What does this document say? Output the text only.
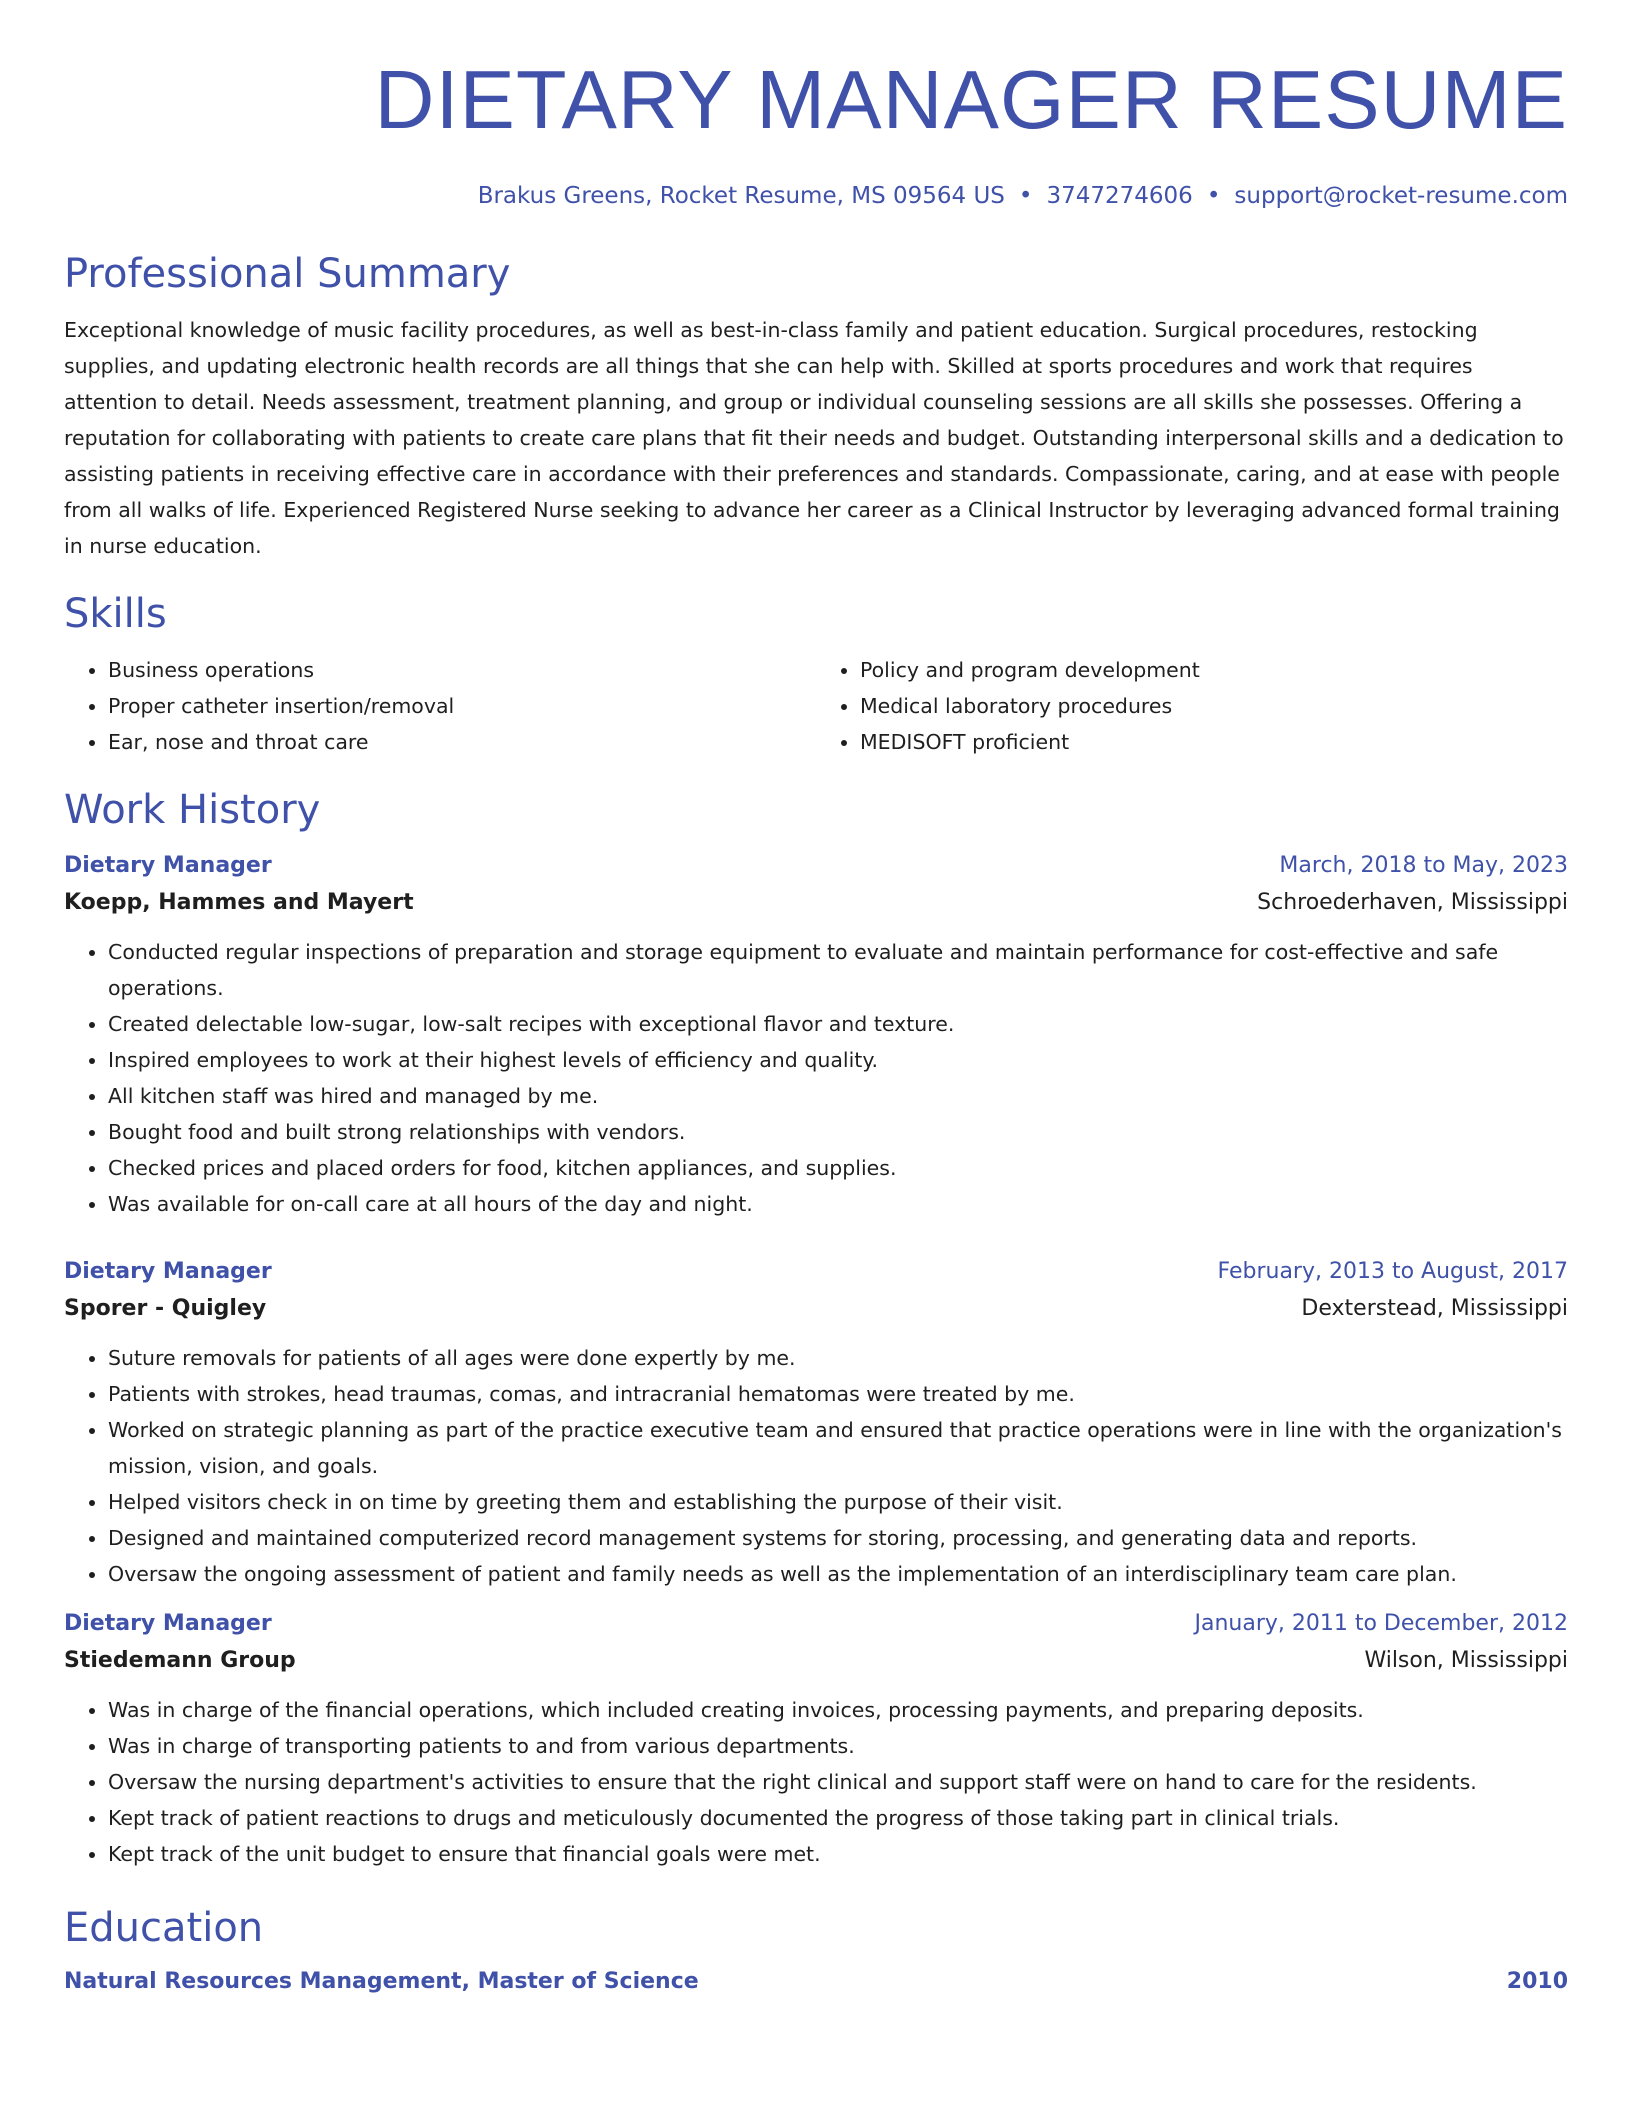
DIETARY MANAGER RESUME
Brakus Greens, Rocket Resume, MS 09564 US • 3747274606 • support@rocket-resume.com
Professional Summary

Exceptional knowledge of music facility procedures, as well as best-in-class family and patient education. Surgical procedures, restocking supplies, and updating electronic health records are all things that she can help with. Skilled at sports procedures and work that requires attention to detail. Needs assessment, treatment planning, and group or individual counseling sessions are all skills she possesses. Offering a reputation for collaborating with patients to create care plans that fit their needs and budget. Outstanding interpersonal skills and a dedication to assisting patients in receiving effective care in accordance with their preferences and standards. Compassionate, caring, and at ease with people from all walks of life. Experienced Registered Nurse seeking to advance her career as a Clinical Instructor by leveraging advanced formal training in nurse education.

Skills
• Business operations
• Proper catheter insertion/removal
• Ear, nose and throat care
• Policy and program development
• Medical laboratory procedures
• MEDISOFT proficient
Work History
Dietary Manager	March, 2018 to May, 2023
Koepp, Hammes and Mayert	Schroederhaven, Mississippi
• Conducted regular inspections of preparation and storage equipment to evaluate and maintain performance for cost-effective and safe operations.
• Created delectable low-sugar, low-salt recipes with exceptional flavor and texture.
• Inspired employees to work at their highest levels of efficiency and quality.
• All kitchen staff was hired and managed by me.
• Bought food and built strong relationships with vendors.
• Checked prices and placed orders for food, kitchen appliances, and supplies.
• Was available for on-call care at all hours of the day and night.
Dietary Manager	February, 2013 to August, 2017
Sporer - Quigley	Dexterstead, Mississippi
• Suture removals for patients of all ages were done expertly by me.
• Patients with strokes, head traumas, comas, and intracranial hematomas were treated by me.
• Worked on strategic planning as part of the practice executive team and ensured that practice operations were in line with the organization's mission, vision, and goals.
• Helped visitors check in on time by greeting them and establishing the purpose of their visit.
• Designed and maintained computerized record management systems for storing, processing, and generating data and reports.
• Oversaw the ongoing assessment of patient and family needs as well as the implementation of an interdisciplinary team care plan.
Dietary Manager	January, 2011 to December, 2012
Stiedemann Group	Wilson, Mississippi
• Was in charge of the financial operations, which included creating invoices, processing payments, and preparing deposits.
• Was in charge of transporting patients to and from various departments.
• Oversaw the nursing department's activities to ensure that the right clinical and support staff were on hand to care for the residents.
• Kept track of patient reactions to drugs and meticulously documented the progress of those taking part in clinical trials.
• Kept track of the unit budget to ensure that financial goals were met.
Education
Natural Resources Management, Master of Science	2010
